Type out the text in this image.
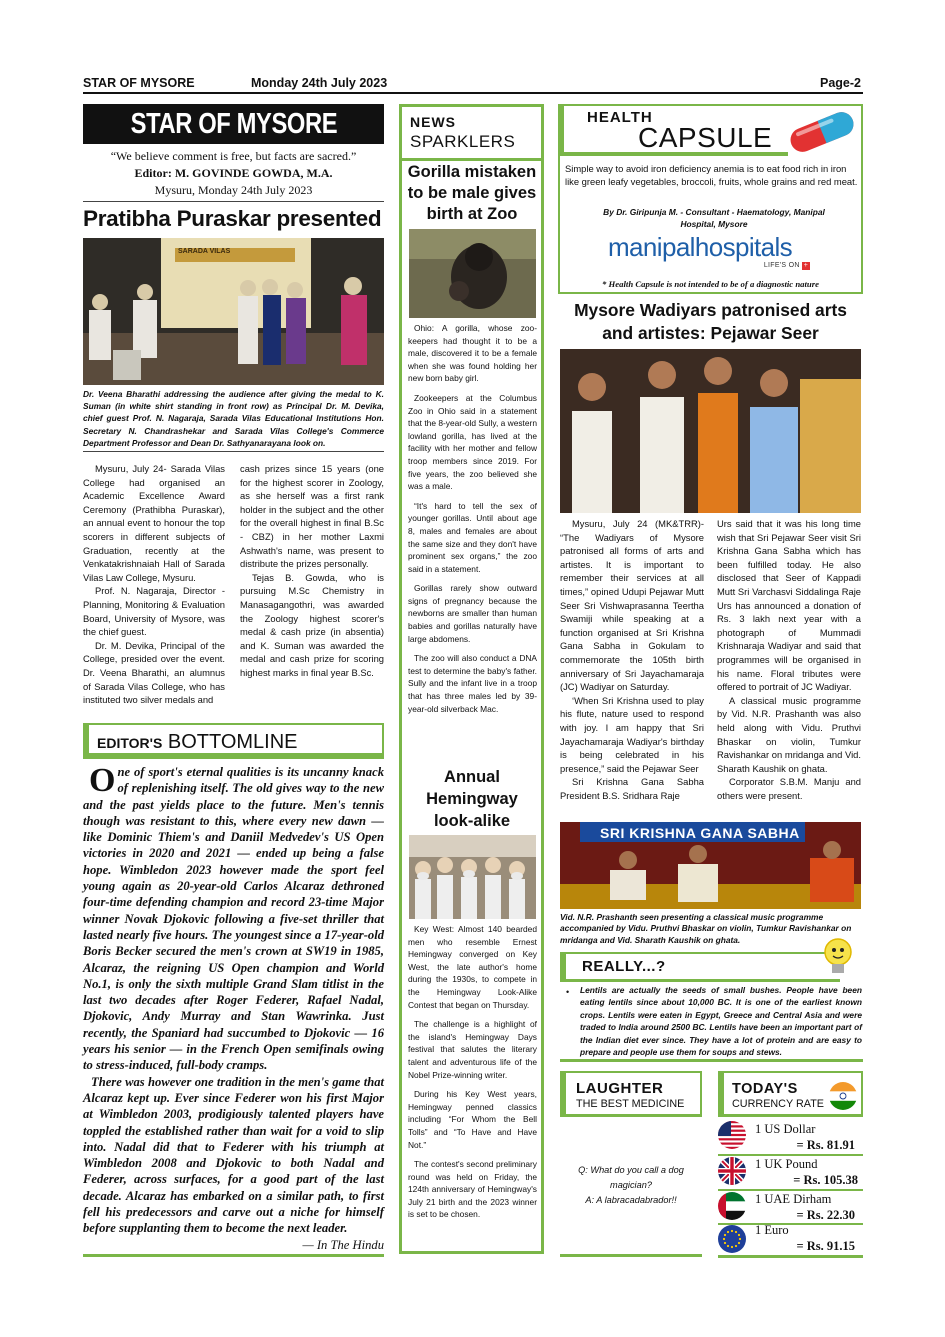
STAR OF MYSORE	Monday 24th July 2023	Page-2
STAR OF MYSORE
“We believe comment is free, but facts are sacred.”
Editor: M. GOVINDE GOWDA, M.A.
Mysuru, Monday 24th July 2023
Pratibha Puraskar presented
SARADA VILAS
Dr. Veena Bharathi addressing the audience after giving the medal to K. Suman (in white shirt standing in front row) as Principal Dr. M. Devika, chief guest Prof. N. Nagaraja, Sarada Vilas Educational Institutions Hon. Secretary N. Chandrashekar and Sarada Vilas College's Commerce Department Professor and Dean Dr. Sathyanarayana look on.

Mysuru, July 24- Sarada Vilas College had organised an Academic Excellence Award Ceremony (Prathibha Puraskar), an annual event to honour the top scorers in different subjects of Graduation, recently at the Venkatakrishnaiah Hall of Sarada Vilas Law College, Mysuru.

Prof. N. Nagaraja, Director - Planning, Monitoring & Evaluation Board, University of Mysore, was the chief guest.

Dr. M. Devika, Principal of the College, presided over the event. Dr. Veena Bharathi, an alumnus of Sarada Vilas College, who has instituted two silver medals and

cash prizes since 15 years (one for the highest scorer in Zoology, as she herself was a first rank holder in the subject and the other for the overall highest in final B.Sc - CBZ) in her mother Laxmi Ashwath's name, was present to distribute the prizes personally.

Tejas B. Gowda, who is pursuing M.Sc Chemistry in Manasagangothri, was awarded the Zoology highest scorer's medal & cash prize (in absentia) and K. Suman was awarded the medal and cash prize for scoring highest marks in final year B.Sc.

EDITOR'S BOTTOMLINE

One of sport's eternal qualities is its uncanny knack of replenishing itself. The old gives way to the new and the past yields place to the future. Men's tennis though was resistant to this, where every new dawn — like Dominic Thiem's and Daniil Medvedev's US Open victories in 2020 and 2021 — ended up being a false hope. Wimbledon 2023 however made the sport feel young again as 20-year-old Carlos Alcaraz dethroned four-time defending champion and record 23-time Major winner Novak Djokovic following a five-set thriller that lasted nearly five hours. The youngest since a 17-year-old Boris Becker secured the men's crown at SW19 in 1985, Alcaraz, the reigning US Open champion and World No.1, is only the sixth multiple Grand Slam titlist in the last two decades after Roger Federer, Rafael Nadal, Djokovic, Andy Murray and Stan Wawrinka. Just recently, the Spaniard had succumbed to Djokovic — 16 years his senior — in the French Open semifinals owing to stress-induced, full-body cramps.

There was however one tradition in the men's game that Alcaraz kept up. Ever since Federer won his first Major at Wimbledon 2003, prodigiously talented players have toppled the established rather than wait for a void to slip into. Nadal did that to Federer with his triumph at Wimbledon 2008 and Djokovic to both Nadal and Federer, across surfaces, for a good part of the last decade. Alcaraz has embarked on a similar path, to first fell his predecessors and carve out a niche for himself before supplanting them to become the next leader.

— In The Hindu

NEWS
SPARKLERS
Gorilla mistaken to be male gives birth at Zoo

Ohio: A gorilla, whose zoo-keepers had thought it to be a male, discovered it to be a female when she was found holding her new born baby girl.

Zookeepers at the Columbus Zoo in Ohio said in a statement that the 8-year-old Sully, a western lowland gorilla, has lived at the facility with her mother and fellow troop members since 2019. For five years, the zoo believed she was a male.

“It's hard to tell the sex of younger gorillas. Until about age 8, males and females are about the same size and they don't have prominent sex organs,” the zoo said in a statement.

Gorillas rarely show outward signs of pregnancy because the newborns are smaller than human babies and gorillas naturally have large abdomens.

The zoo will also conduct a DNA test to determine the baby's father. Sully and the infant live in a troop that has three males led by 39-year-old silverback Mac.

Annual Hemingway look-alike

Key West: Almost 140 bearded men who resemble Ernest Hemingway converged on Key West, the late author's home during the 1930s, to compete in the Hemingway Look-Alike Contest that began on Thursday.

The challenge is a highlight of the island's Hemingway Days festival that salutes the literary talent and adventurous life of the Nobel Prize-winning writer.

During his Key West years, Hemingway penned classics including “For Whom the Bell Tolls” and “To Have and Have Not.”

The contest's second preliminary round was held on Friday, the 124th anniversary of Hemingway's July 21 birth and the 2023 winner is set to be chosen.

HEALTH
CAPSULE
Simple way to avoid iron deficiency anemia is to eat food rich in iron like green leafy vegetables, broccoli, fruits, whole grains and red meat.
By Dr. Giripunja M. - Consultant - Haematology, Manipal Hospital, Mysore
manipalhospitals
LIFE'S ON +
* Health Capsule is not intended to be of a diagnostic nature
Mysore Wadiyars patronised arts and artistes: Pejawar Seer

Mysuru, July 24 (MK&TRR)- “The Wadiyars of Mysore patronised all forms of arts and artistes. It is important to remember their services at all times,” opined Udupi Pejawar Mutt Seer Sri Vishwaprasanna Teertha Swamiji while speaking at a function organised at Sri Krishna Gana Sabha in Gokulam to commemorate the 105th birth anniversary of Sri Jayachamaraja (JC) Wadiyar on Saturday.

‘When Sri Krishna used to play his flute, nature used to respond with joy. I am happy that Sri Jayachamaraja Wadiyar's birthday is being celebrated in his presence,” said the Pejawar Seer

Sri Krishna Gana Sabha President B.S. Sridhara Raje

Urs said that it was his long time wish that Sri Pejawar Seer visit Sri Krishna Gana Sabha which has been fulfilled today. He also disclosed that Seer of Kappadi Mutt Sri Varchasvi Siddalinga Raje Urs has announced a donation of Rs. 3 lakh next year with a photograph of Mummadi Krishnaraja Wadiyar and said that programmes will be organised in his name. Floral tributes were offered to portrait of JC Wadiyar.

A classical music programme by Vid. N.R. Prashanth was also held along with Vidu. Pruthvi Bhaskar on violin, Tumkur Ravishankar on mridanga and Vid. Sharath Kaushik on ghata.

Corporator S.B.M. Manju and others were present.

SRI KRISHNA GANA SABHA
Vid. N.R. Prashanth seen presenting a classical music programme accompanied by Vidu. Pruthvi Bhaskar on violin, Tumkur Ravishankar on mridanga and Vid. Sharath Kaushik on ghata.
REALLY...?
• Lentils are actually the seeds of small bushes. People have been eating lentils since about 10,000 BC. It is one of the earliest known crops. Lentils were eaten in Egypt, Greece and Central Asia and were traded to India around 2500 BC. Lentils have been an important part of the Indian diet ever since. They have a lot of protein and are easy to prepare and people use them for soups and stews.
LAUGHTER
THE BEST MEDICINE
Q: What do you call a dog magician?
A: A labracadabrador!!
TODAY'S
CURRENCY RATE
1 US Dollar
= Rs. 81.91
1 UK Pound
= Rs. 105.38
1 UAE Dirham
= Rs. 22.30
1 Euro
= Rs. 91.15
